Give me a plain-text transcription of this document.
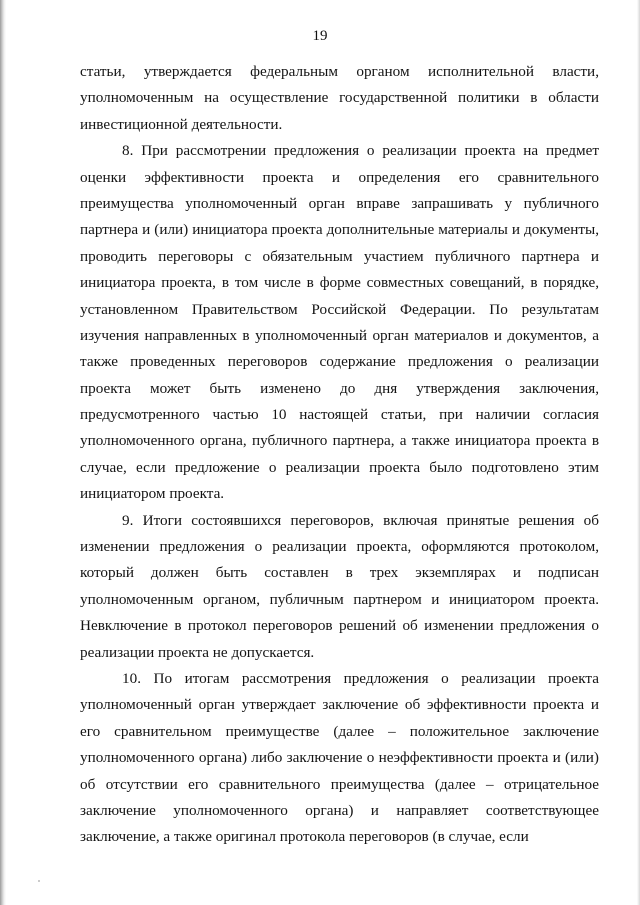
19
статьи, утверждается федеральным органом исполнительной власти,
уполномоченным на осуществление государственной политики в области
инвестиционной деятельности.
8. При рассмотрении предложения о реализации проекта на предмет
оценки эффективности проекта и определения его сравнительного
преимущества уполномоченный орган вправе запрашивать у публичного
партнера и (или) инициатора проекта дополнительные материалы и документы,
проводить переговоры с обязательным участием публичного партнера и
инициатора проекта, в том числе в форме совместных совещаний, в порядке,
установленном Правительством Российской Федерации. По результатам
изучения направленных в уполномоченный орган материалов и документов, а
также проведенных переговоров содержание предложения о реализации
проекта может быть изменено до дня утверждения заключения,
предусмотренного частью 10 настоящей статьи, при наличии согласия
уполномоченного органа, публичного партнера, а также инициатора проекта в
случае, если предложение о реализации проекта было подготовлено этим
инициатором проекта.
9. Итоги состоявшихся переговоров, включая принятые решения об
изменении предложения о реализации проекта, оформляются протоколом,
который должен быть составлен в трех экземплярах и подписан
уполномоченным органом, публичным партнером и инициатором проекта.
Невключение в протокол переговоров решений об изменении предложения о
реализации проекта не допускается.
10. По итогам рассмотрения предложения о реализации проекта
уполномоченный орган утверждает заключение об эффективности проекта и
его сравнительном преимуществе (далее – положительное заключение
уполномоченного органа) либо заключение о неэффективности проекта и (или)
об отсутствии его сравнительного преимущества (далее – отрицательное
заключение уполномоченного органа) и направляет соответствующее
заключение, а также оригинал протокола переговоров (в случае, если
